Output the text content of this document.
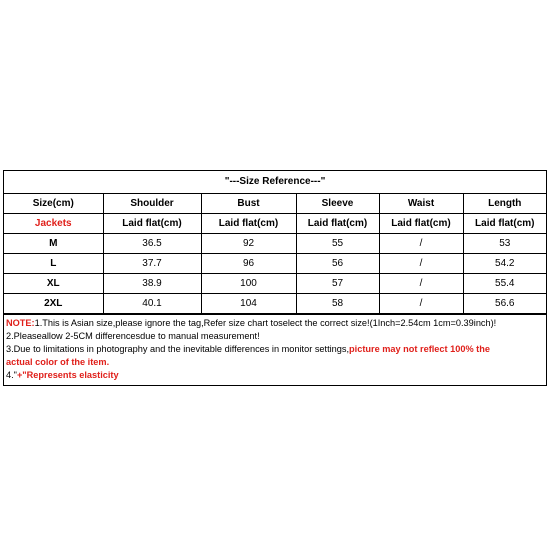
"---Size Reference---"					
Size(cm)	Shoulder	Bust	Sleeve	Waist	Length
Jackets	Laid flat(cm)	Laid flat(cm)	Laid flat(cm)	Laid flat(cm)	Laid flat(cm)
M	36.5	92	55	/	53
L	37.7	96	56	/	54.2
XL	38.9	100	57	/	55.4
2XL	40.1	104	58	/	56.6
NOTE:1.This is Asian size,please ignore the tag,Refer size chart toselect the correct size!(1Inch=2.54cm 1cm=0.39inch)!
2.Pleaseallow 2-5CM differencesdue to manual measurement!
3.Due to limitations in photography and the inevitable differences in monitor settings,picture may not reflect 100% the
actual color of the item.
4."+"Represents elasticity
